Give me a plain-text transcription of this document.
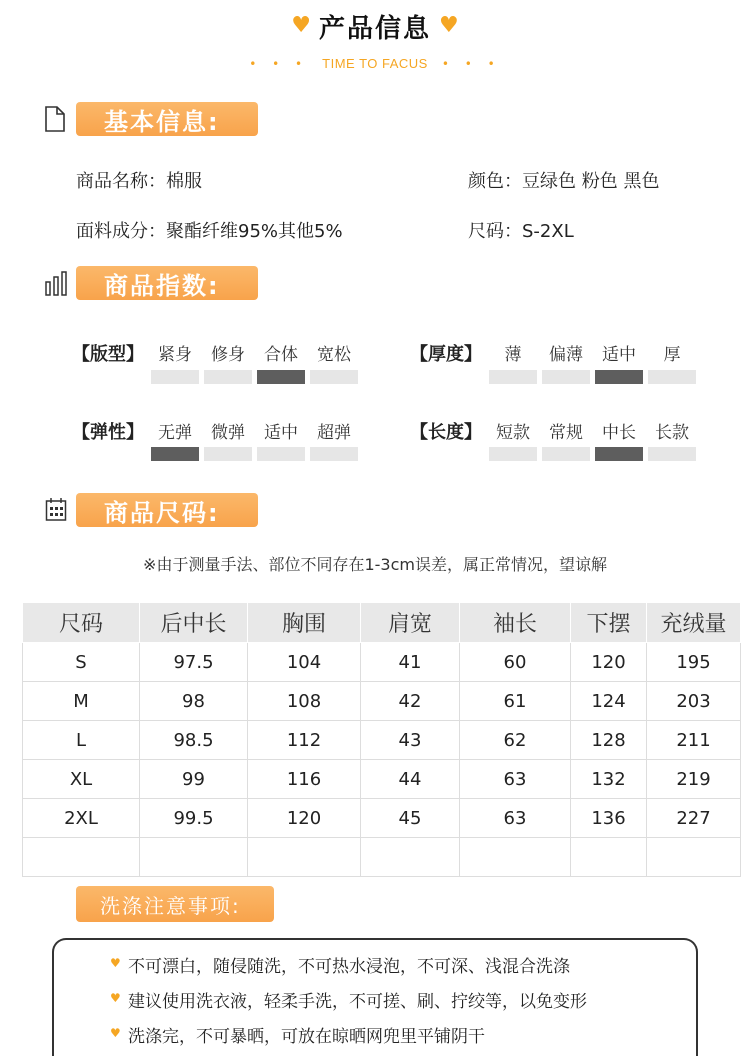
♥ 产品信息 ♥
• • • TIME TO FACUS • • •
基本信息:
商品名称：棉服
面料成分：聚酯纤维95%其他5%
颜色：豆绿色 粉色 黑色
尺码：S-2XL
商品指数:
【版型】 紧身	修身	合体	宽松	【厚度】	薄	偏薄	适中	厚
【弹性】 无弹	微弹	适中	超弹	【长度】 短款	常规	中长	长款
商品尺码:
※由于测量手法、部位不同存在1-3cm误差，属正常情况，望谅解
尺码	后中长	胸围	肩宽	袖长	下摆	充绒量
S	97.5	104	41	60	120	195
M	98	108	42	61	124	203
L	98.5	112	43	62	128	211
XL	99	116	44	63	132	219
2XL	99.5	120	45	63	136	227

洗涤注意事项:
♥ 不可漂白，随侵随洗，不可热水浸泡，不可深、浅混合洗涤
♥ 建议使用洗衣液，轻柔手洗，不可搓、刷、拧绞等，以免变形
♥ 洗涤完，不可暴晒，可放在晾晒网兜里平铺阴干
